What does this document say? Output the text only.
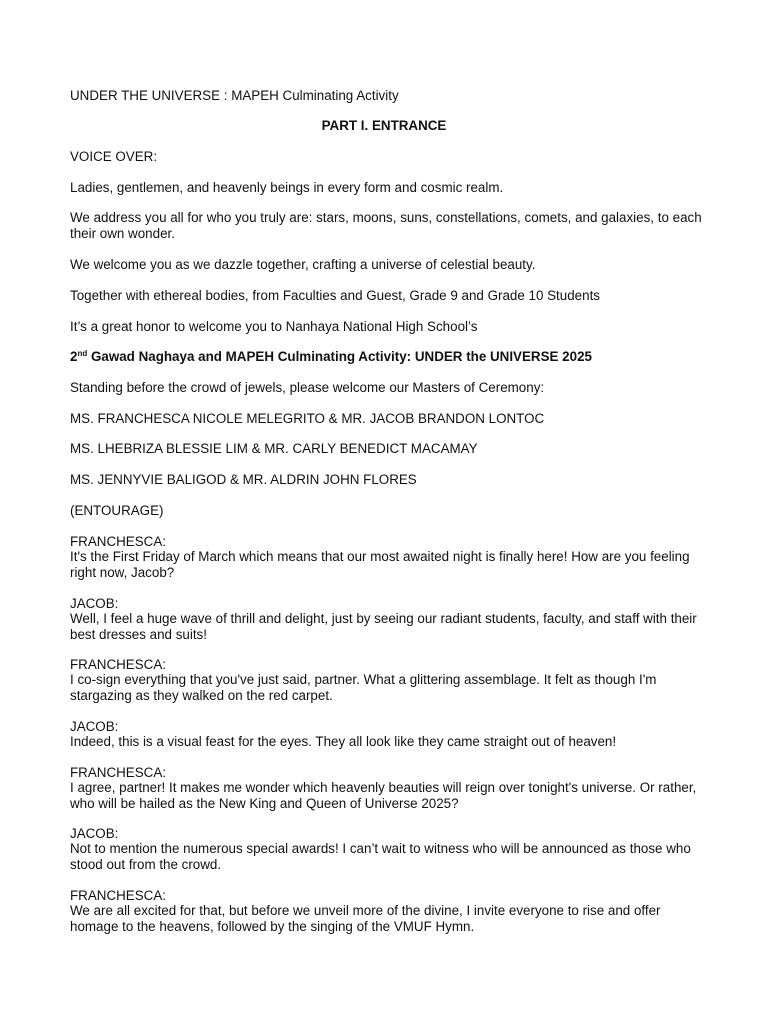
UNDER THE UNIVERSE : MAPEH Culminating Activity

PART I. ENTRANCE

VOICE OVER:

Ladies, gentlemen, and heavenly beings in every form and cosmic realm.

We address you all for who you truly are: stars, moons, suns, constellations, comets, and galaxies, to each their own wonder.

We welcome you as we dazzle together, crafting a universe of celestial beauty.

Together with ethereal bodies, from Faculties and Guest, Grade 9 and Grade 10 Students

It’s a great honor to welcome you to Nanhaya National High School’s

2nd Gawad Naghaya and MAPEH Culminating Activity: UNDER the UNIVERSE 2025

Standing before the crowd of jewels, please welcome our Masters of Ceremony:

MS. FRANCHESCA NICOLE MELEGRITO & MR. JACOB BRANDON LONTOC

MS. LHEBRIZA BLESSIE LIM & MR. CARLY BENEDICT MACAMAY

MS. JENNYVIE BALIGOD & MR. ALDRIN JOHN FLORES

(ENTOURAGE)

FRANCHESCA:

It's the First Friday of March which means that our most awaited night is finally here! How are you feeling right now, Jacob?

JACOB:

Well, I feel a huge wave of thrill and delight, just by seeing our radiant students, faculty, and staff with their best dresses and suits!

FRANCHESCA:

I co-sign everything that you've just said, partner. What a glittering assemblage. It felt as though I'm stargazing as they walked on the red carpet.

JACOB:

Indeed, this is a visual feast for the eyes. They all look like they came straight out of heaven!

FRANCHESCA:

I agree, partner! It makes me wonder which heavenly beauties will reign over tonight's universe. Or rather, who will be hailed as the New King and Queen of Universe 2025?

JACOB:

Not to mention the numerous special awards! I can’t wait to witness who will be announced as those who stood out from the crowd.

FRANCHESCA:

We are all excited for that, but before we unveil more of the divine, I invite everyone to rise and offer homage to the heavens, followed by the singing of the VMUF Hymn.
